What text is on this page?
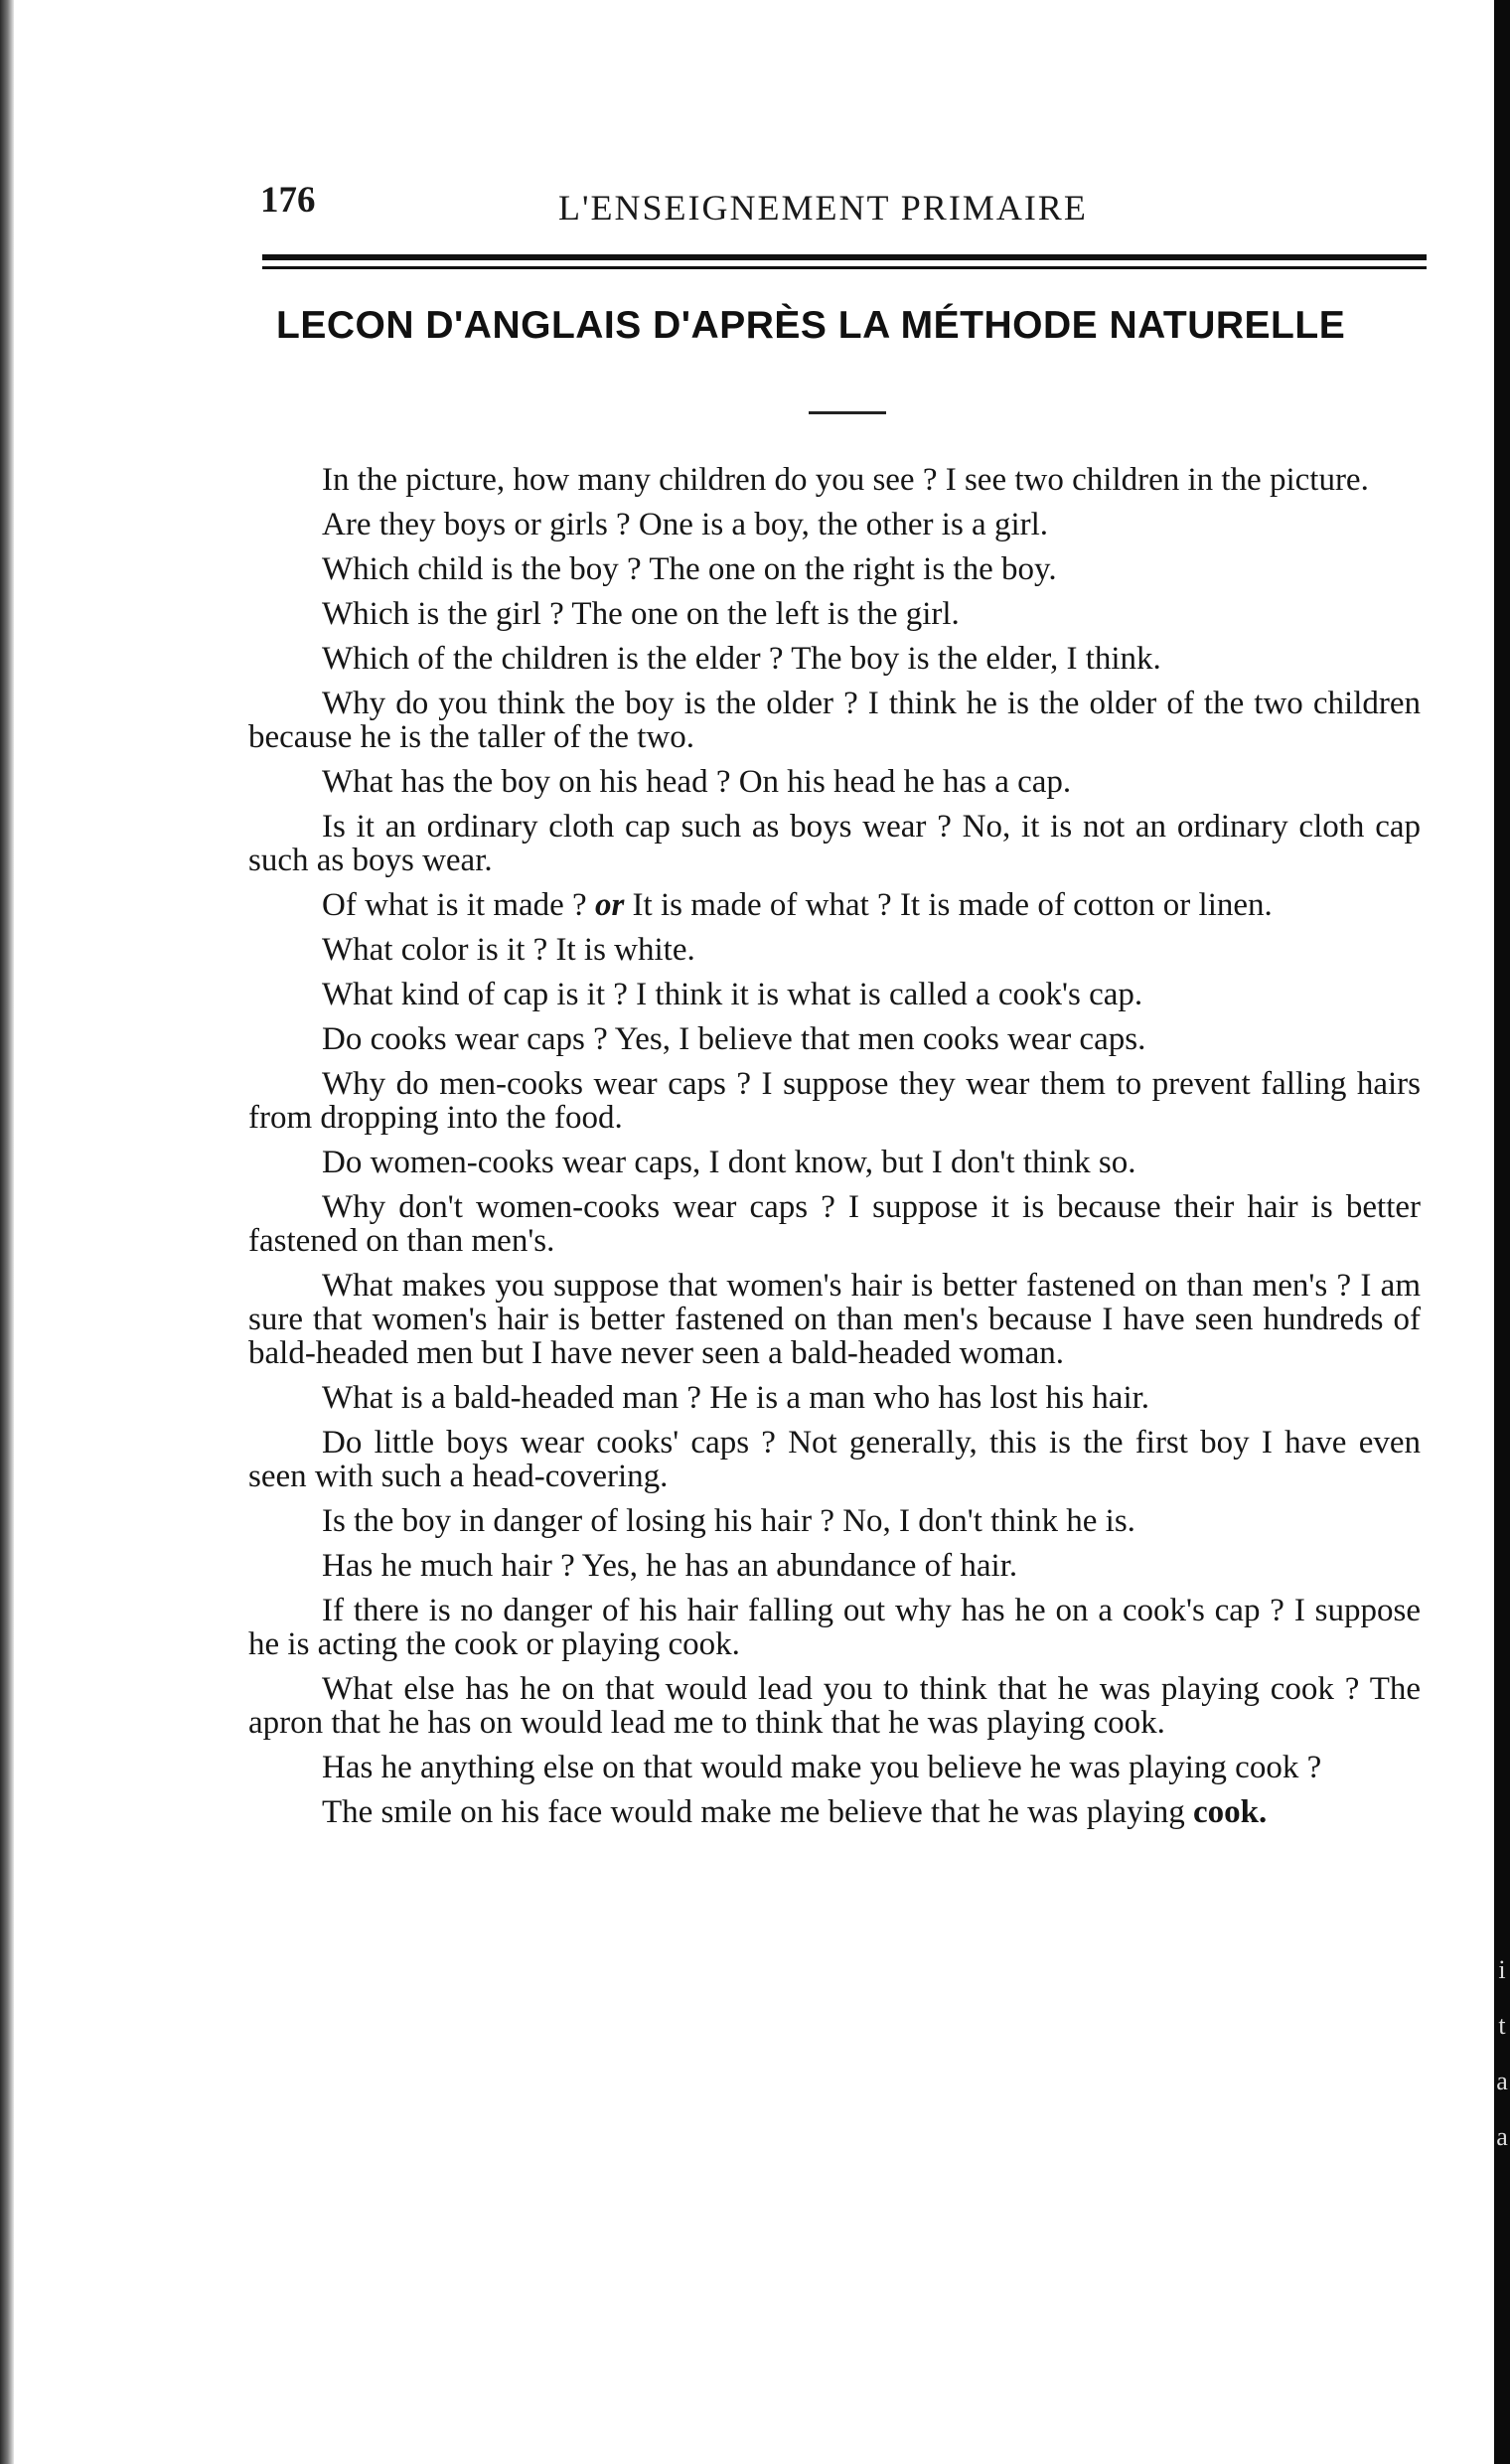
i
t
a
a
176	L'ENSEIGNEMENT PRIMAIRE
LECON D'ANGLAIS D'APRÈS LA MÉTHODE NATURELLE

In the picture, how many children do you see ? I see two children in the picture.

Are they boys or girls ? One is a boy, the other is a girl.

Which child is the boy ? The one on the right is the boy.

Which is the girl ? The one on the left is the girl.

Which of the children is the elder ? The boy is the elder, I think.

Why do you think the boy is the older ? I think he is the older of the two children because he is the taller of the two.

What has the boy on his head ? On his head he has a cap.

Is it an ordinary cloth cap such as boys wear ? No, it is not an ordinary cloth cap such as boys wear.

Of what is it made ? or It is made of what ? It is made of cotton or linen.

What color is it ? It is white.

What kind of cap is it ? I think it is what is called a cook's cap.

Do cooks wear caps ? Yes, I believe that men cooks wear caps.

Why do men-cooks wear caps ? I suppose they wear them to prevent falling hairs from dropping into the food.

Do women-cooks wear caps, I dont know, but I don't think so.

Why don't women-cooks wear caps ? I suppose it is because their hair is better fastened on than men's.

What makes you suppose that women's hair is better fastened on than men's ? I am sure that women's hair is better fastened on than men's because I have seen hundreds of bald-headed men but I have never seen a bald-headed woman.

What is a bald-headed man ? He is a man who has lost his hair.

Do little boys wear cooks' caps ? Not generally, this is the first boy I have even seen with such a head-covering.

Is the boy in danger of losing his hair ? No, I don't think he is.

Has he much hair ? Yes, he has an abundance of hair.

If there is no danger of his hair falling out why has he on a cook's cap ? I suppose he is acting the cook or playing cook.

What else has he on that would lead you to think that he was playing cook ? The apron that he has on would lead me to think that he was playing cook.

Has he anything else on that would make you believe he was playing cook ?

The smile on his face would make me believe that he was playing cook.
